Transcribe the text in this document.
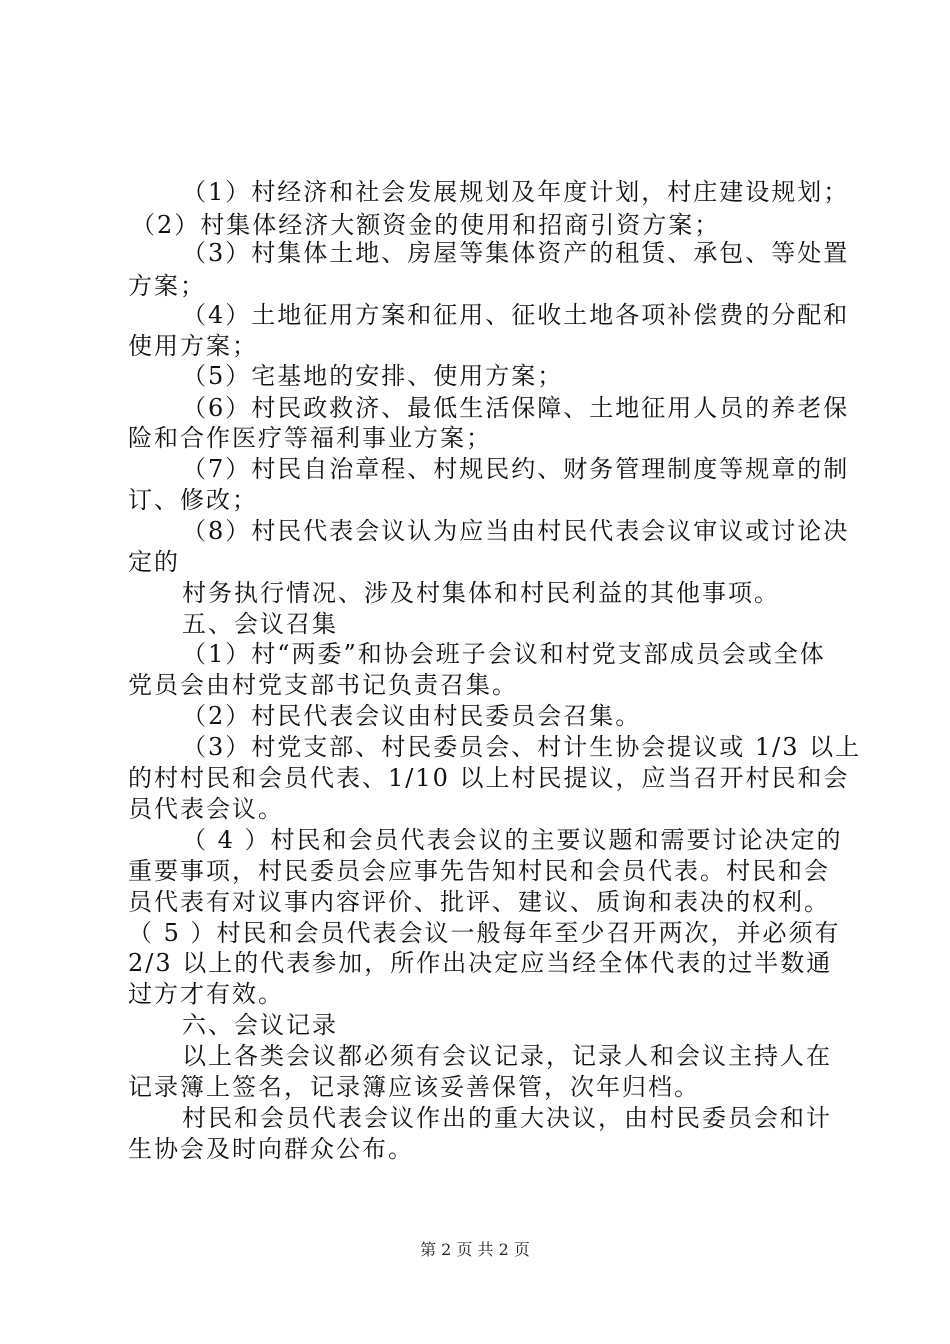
（1）村经济和社会发展规划及年度计划，村庄建设规划；
（2）村集体经济大额资金的使用和招商引资方案；
（3）村集体土地、房屋等集体资产的租赁、承包、等处置
方案；
（4）土地征用方案和征用、征收土地各项补偿费的分配和
使用方案；
（5）宅基地的安排、使用方案；
（6）村民政救济、最低生活保障、土地征用人员的养老保
险和合作医疗等福利事业方案；
（7）村民自治章程、村规民约、财务管理制度等规章的制
订、修改；
（8）村民代表会议认为应当由村民代表会议审议或讨论决
定的
村务执行情况、涉及村集体和村民利益的其他事项。
五、会议召集
（1）村“两委”和协会班子会议和村党支部成员会或全体
党员会由村党支部书记负责召集。
（2）村民代表会议由村民委员会召集。
（3）村党支部、村民委员会、村计生协会提议或 1/3 以上
的村村民和会员代表、1/10 以上村民提议，应当召开村民和会
员代表会议。
（ 4 ）村民和会员代表会议的主要议题和需要讨论决定的
重要事项，村民委员会应事先告知村民和会员代表。村民和会
员代表有对议事内容评价、批评、建议、质询和表决的权利。
（ 5 ）村民和会员代表会议一般每年至少召开两次，并必须有
2/3 以上的代表参加，所作出决定应当经全体代表的过半数通
过方才有效。
六、会议记录
以上各类会议都必须有会议记录，记录人和会议主持人在
记录簿上签名，记录簿应该妥善保管，次年归档。
村民和会员代表会议作出的重大决议，由村民委员会和计
生协会及时向群众公布。
第 2 页 共 2 页
